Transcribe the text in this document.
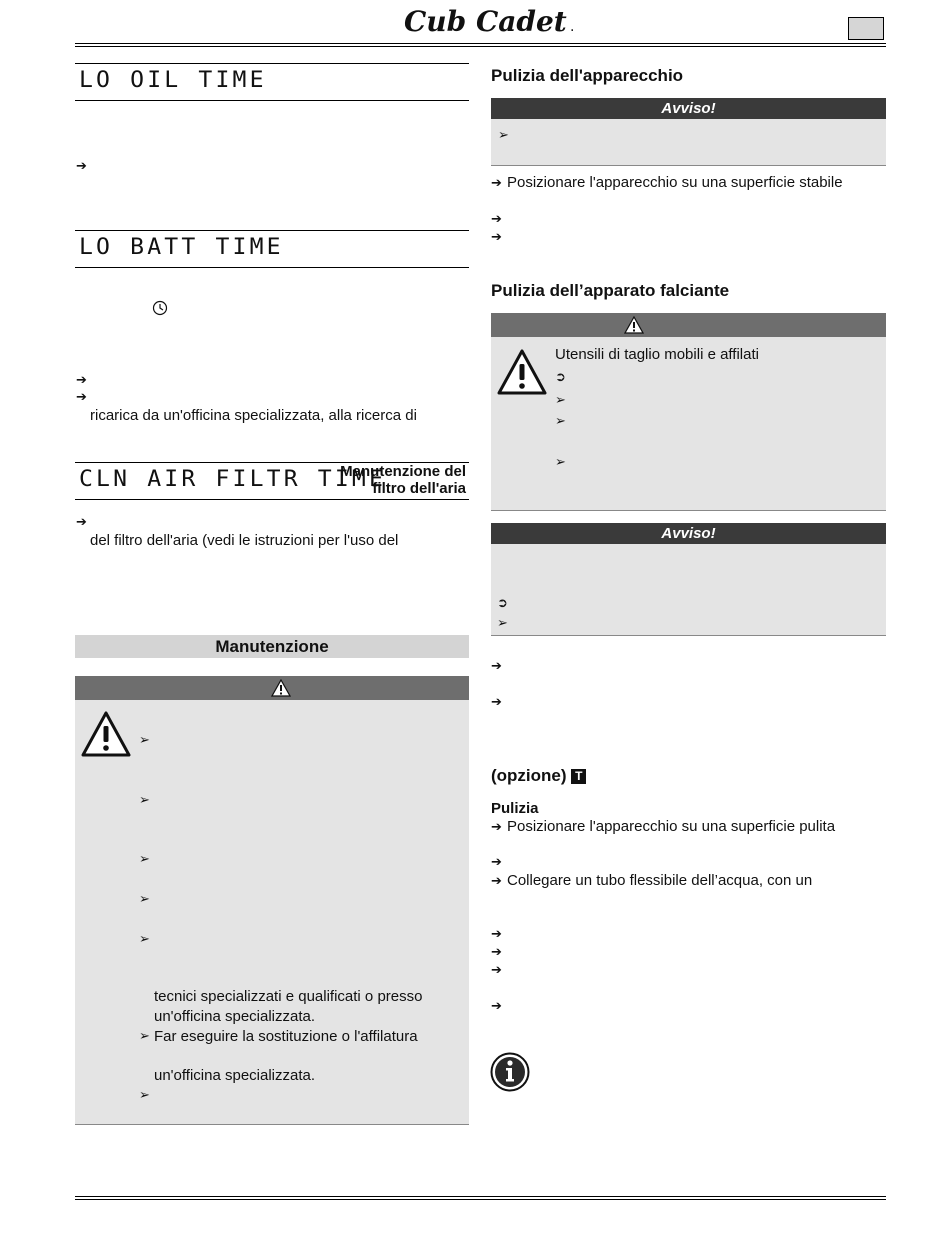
Cub Cadet .
LO OIL TIME
➔
LO BATT TIME
➔
➔
ricarica da un'officina specializzata, alla ricerca di
CLN AIR FILTR TIME
Manutenzione del
filtro dell'aria
➔
del filtro dell'aria (vedi le istruzioni per l'uso del
Manutenzione
➢
➢
➢
➢
➢
tecnici specializzati e qualificati o presso
un'officina specializzata.
➢ Far eseguire la sostituzione o l'affilatura
un'officina specializzata.
➢
Pulizia dell'apparecchio
Avviso!
➢
➔ Posizionare l'apparecchio su una superficie stabile
➔
➔
Pulizia dell’apparato falciante
Utensili di taglio mobili e affilati
➲
➢
➢
➢
Avviso!
➲
➢
➔
➔
(opzione) T
Pulizia
➔ Posizionare l'apparecchio su una superficie pulita
➔
➔ Collegare un tubo flessibile dell’acqua, con un
➔
➔
➔
➔
